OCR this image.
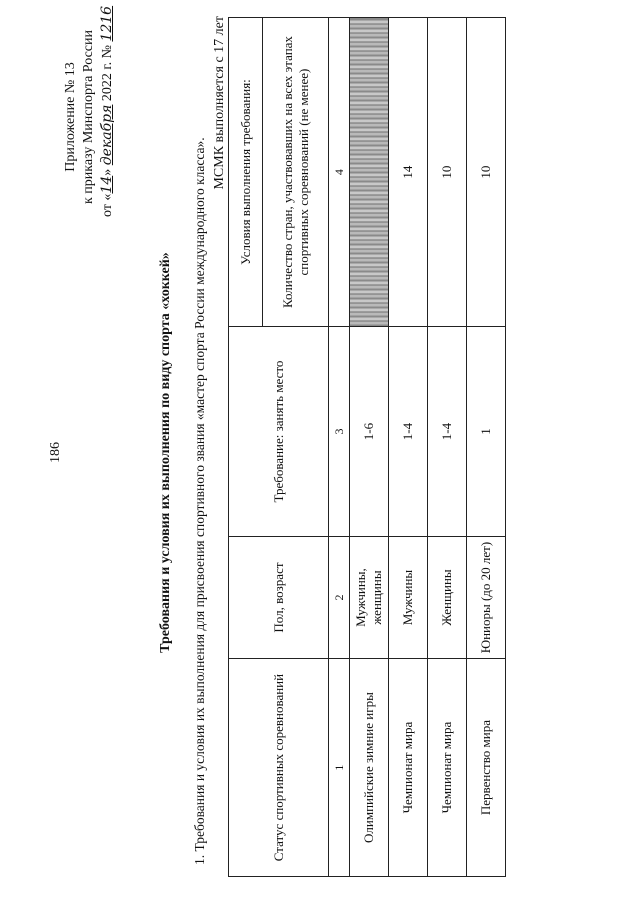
186
Приложение № 13 к приказу Минспорта России
от «14» декабря 2022 г. № 1216
Требования и условия их выполнения по виду спорта «хоккей» 1. Требования и условия их выполнения для присвоения спортивного звания «мастер спорта России международного класса».
МСМК выполняется с 17 лет
Статус спортивных соревнований	Пол, возраст	Требование: занять место	Условия выполнения требования:
			Количество стран, участвовавших на всех этапах спортивных соревнований (не менее)
1	2	3	4
Олимпийские зимние игры	Мужчины, женщины	1-6	
Чемпионат мира	Мужчины	1-4	14
Чемпионат мира	Женщины	1-4	10
Первенство мира	Юниоры (до 20 лет)	1	10
